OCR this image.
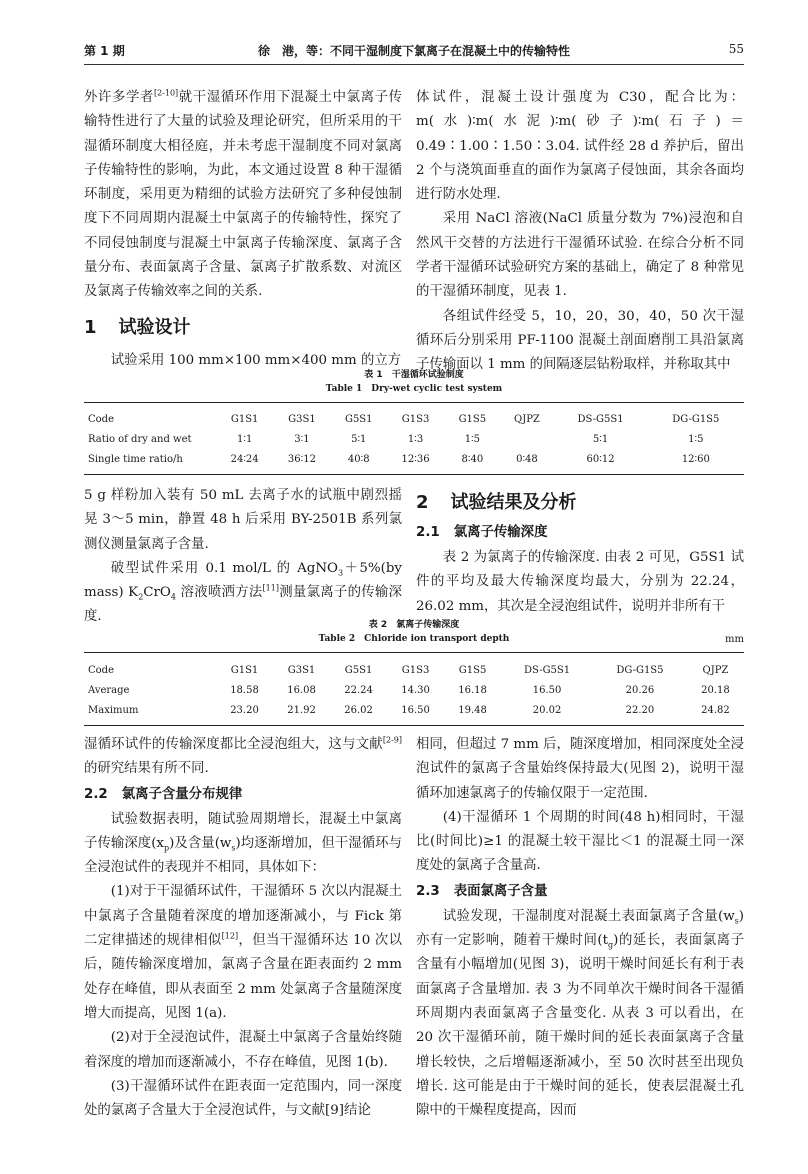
第 1 期	徐　港，等：不同干湿制度下氯离子在混凝土中的传输特性	55

外许多学者[2-10]就干湿循环作用下混凝土中氯离子传输特性进行了大量的试验及理论研究，但所采用的干湿循环制度大相径庭，并未考虑干湿制度不同对氯离子传输特性的影响，为此，本文通过设置 8 种干湿循环制度，采用更为精细的试验方法研究了多种侵蚀制度下不同周期内混凝土中氯离子的传输特性，探究了不同侵蚀制度与混凝土中氯离子传输深度、氯离子含量分布、表面氯离子含量、氯离子扩散系数、对流区及氯离子传输效率之间的关系.

1 试验设计

试验采用 100 mm×100 mm×400 mm 的立方

体试件，混凝土设计强度为 C30，配合比为：m(水)∶m(水泥)∶m(砂子)∶m(石子)＝0.49∶1.00∶1.50∶3.04. 试件经 28 d 养护后，留出 2 个与浇筑面垂直的面作为氯离子侵蚀面，其余各面均进行防水处理.

采用 NaCl 溶液(NaCl 质量分数为 7%)浸泡和自然风干交替的方法进行干湿循环试验. 在综合分析不同学者干湿循环试验研究方案的基础上，确定了 8 种常见的干湿循环制度，见表 1.

各组试件经受 5，10，20，30，40，50 次干湿循环后分别采用 PF-1100 混凝土剖面磨削工具沿氯离子传输面以 1 mm 的间隔逐层钻粉取样，并称取其中

表 1　干湿循环试验制度
Table 1　Dry-wet cyclic test system
Code	G1S1	G3S1	G5S1	G1S3	G1S5	QJPZ	DS-G5S1	DG-G1S5
Ratio of dry and wet	1∶1	3∶1	5∶1	1∶3	1∶5		5∶1	1∶5
Single time ratio/h	24∶24	36∶12	40∶8	12∶36	8∶40	0∶48	60∶12	12∶60

5 g 样粉加入装有 50 mL 去离子水的试瓶中剧烈摇晃 3～5 min，静置 48 h 后采用 BY-2501B 系列氯测仪测量氯离子含量.

破型试件采用 0.1 mol/L 的 AgNO$_3$＋5%(by mass) $K_2CrO_4$ 溶液喷洒方法[11]测量氯离子的传输深度.

2 试验结果及分析
2.1 氯离子传输深度

表 2 为氯离子的传输深度. 由表 2 可见，G5S1 试件的平均及最大传输深度均最大，分别为 22.24，26.02 mm，其次是全浸泡组试件，说明并非所有干

表 2　氯离子传输深度
Table 2　Chloride ion transport depth	mm
Code	G1S1	G3S1	G5S1	G1S3	G1S5	DS-G5S1	DG-G1S5	QJPZ
Average	18.58	16.08	22.24	14.30	16.18	16.50	20.26	20.18
Maximum	23.20	21.92	26.02	16.50	19.48	20.02	22.20	24.82

湿循环试件的传输深度都比全浸泡组大，这与文献[2-9]的研究结果有所不同.

2.2 氯离子含量分布规律

试验数据表明，随试验周期增长，混凝土中氯离子传输深度$(x_p)$及含量$(w_s)$均逐渐增加，但干湿循环与全浸泡试件的表现并不相同，具体如下：

(1)对于干湿循环试件，干湿循环 5 次以内混凝土中氯离子含量随着深度的增加逐渐减小，与 Fick 第二定律描述的规律相似[12]，但当干湿循环达 10 次以后，随传输深度增加，氯离子含量在距表面约 2 mm 处存在峰值，即从表面至 2 mm 处氯离子含量随深度增大而提高，见图 1(a).

(2)对于全浸泡试件，混凝土中氯离子含量始终随着深度的增加而逐渐减小，不存在峰值，见图 1(b).

(3)干湿循环试件在距表面一定范围内，同一深度处的氯离子含量大于全浸泡试件，与文献[9]结论

相同，但超过 7 mm 后，随深度增加，相同深度处全浸泡试件的氯离子含量始终保持最大(见图 2)，说明干湿循环加速氯离子的传输仅限于一定范围.

(4)干湿循环 1 个周期的时间(48 h)相同时，干湿比(时间比)≥1 的混凝土较干湿比＜1 的混凝土同一深度处的氯离子含量高.

2.3 表面氯离子含量

试验发现，干湿制度对混凝土表面氯离子含量$(w_s)$亦有一定影响，随着干燥时间$(t_g)$的延长，表面氯离子含量有小幅增加(见图 3)，说明干燥时间延长有利于表面氯离子含量增加. 表 3 为不同单次干燥时间各干湿循环周期内表面氯离子含量变化. 从表 3 可以看出，在 20 次干湿循环前，随干燥时间的延长表面氯离子含量增长较快，之后增幅逐渐减小，至 50 次时甚至出现负增长. 这可能是由于干燥时间的延长，使表层混凝土孔隙中的干燥程度提高，因而
